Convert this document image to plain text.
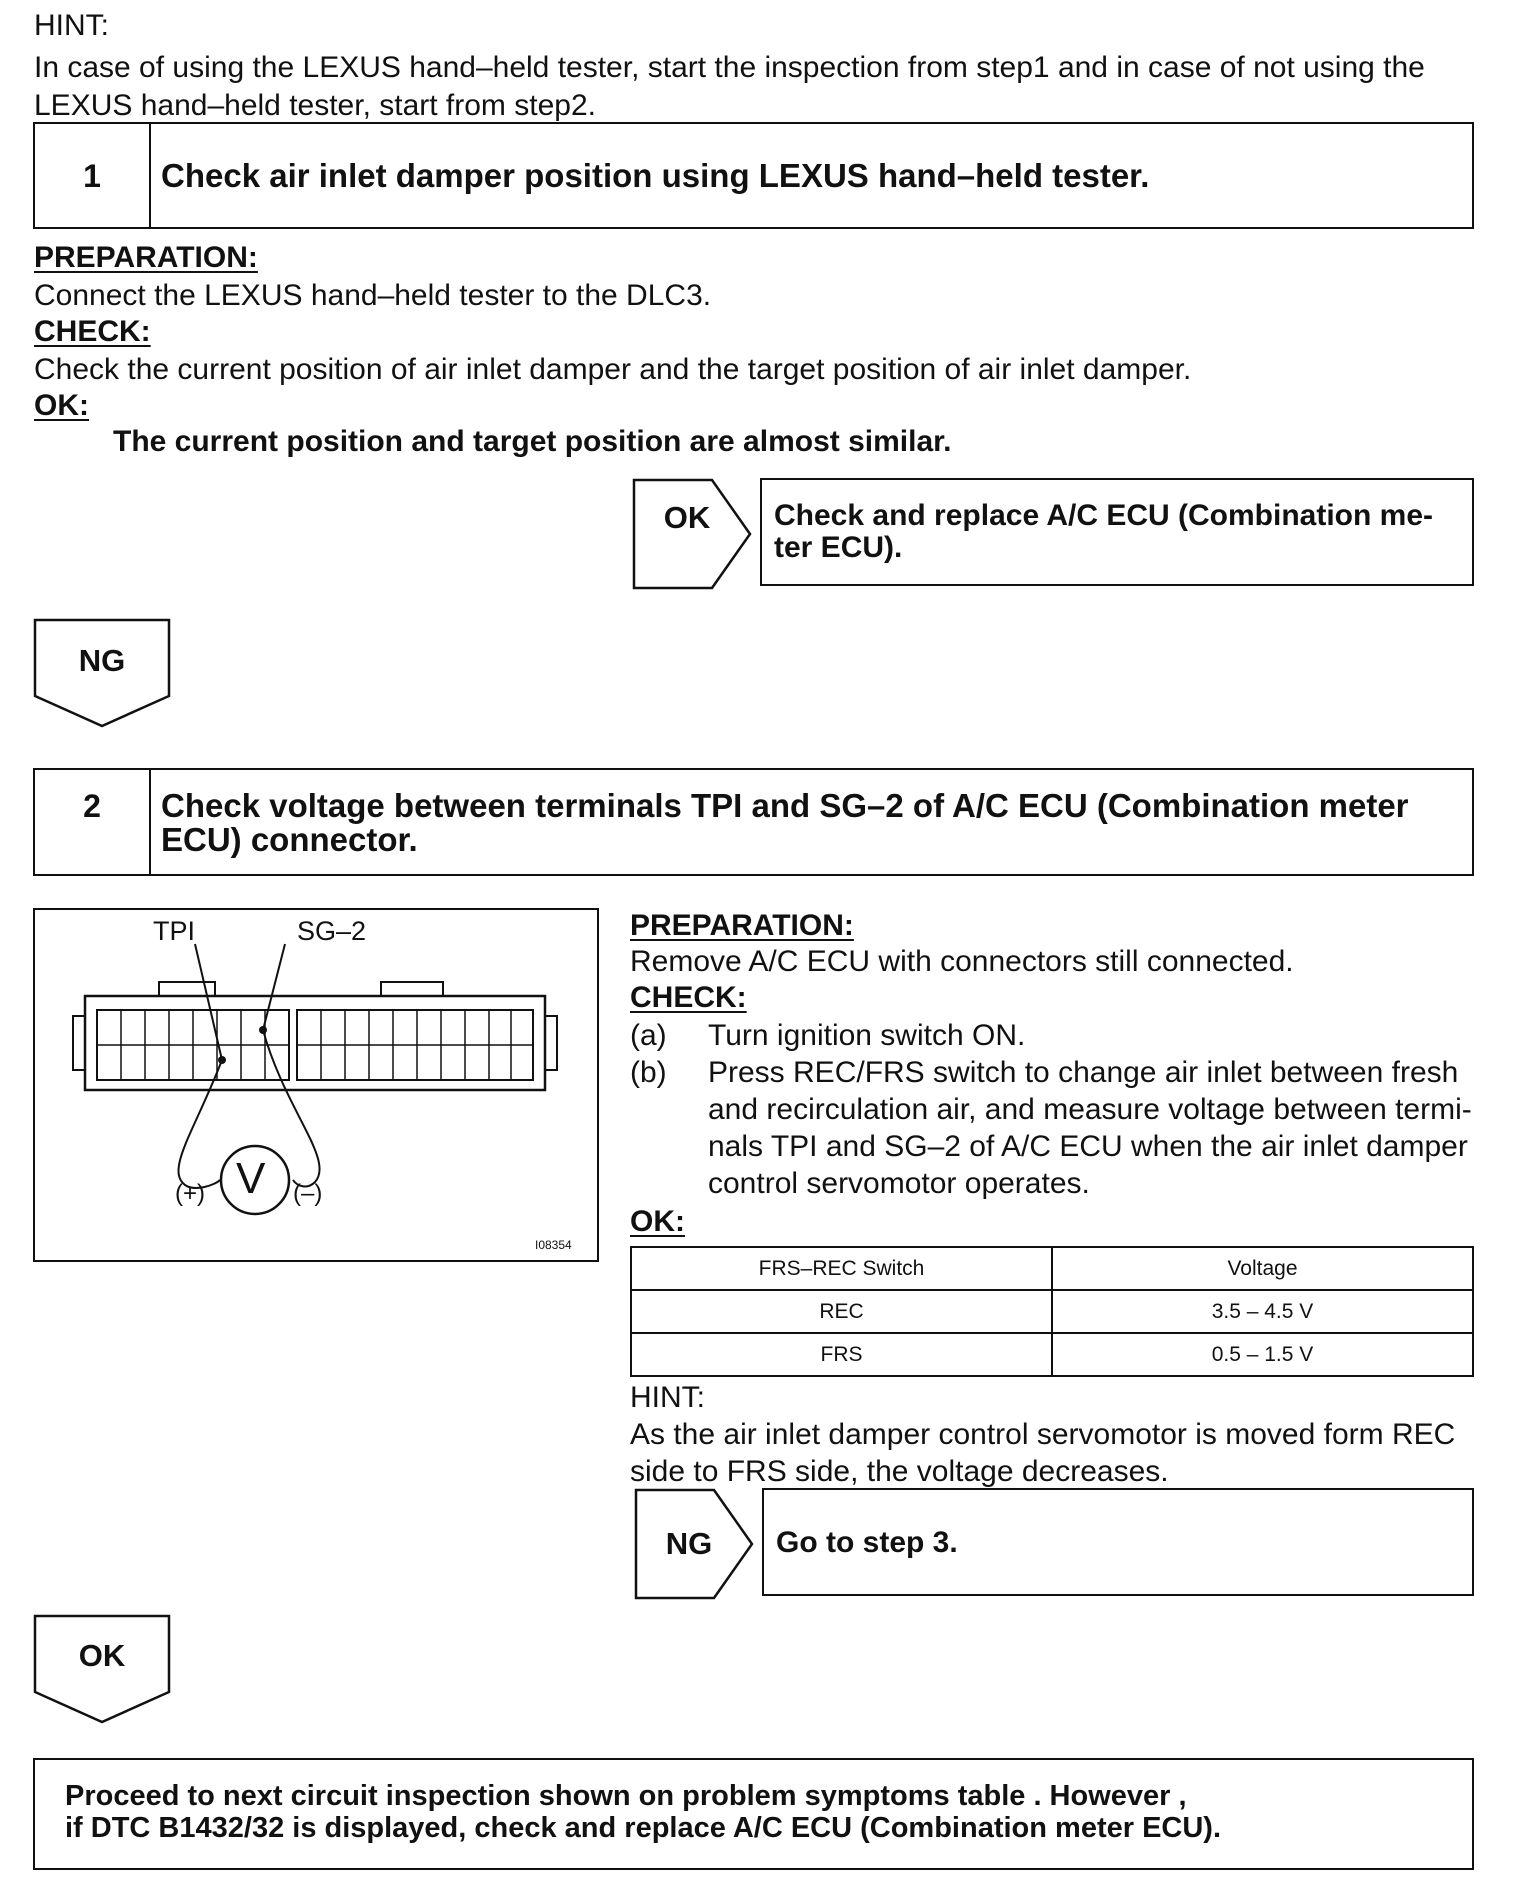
HINT:
In case of using the LEXUS hand–held tester, start the inspection from step1 and in case of not using the
LEXUS hand–held tester, start from step2.
1	Check air inlet damper position using LEXUS hand–held tester.
PREPARATION:
Connect the LEXUS hand–held tester to the DLC3.
CHECK:
Check the current position of air inlet damper and the target position of air inlet damper.
OK:
The current position and target position are almost similar.
OK	Check and replace A/C ECU (Combination me-
ter ECU).
NG
2	Check voltage between terminals TPI and SG–2 of A/C ECU (Combination meter
ECU) connector.
TPI	SG–2
V
(+)	(–)
I08354
PREPARATION:
Remove A/C ECU with connectors still connected.
CHECK:
(a) Turn ignition switch ON.
(b) Press REC/FRS switch to change air inlet between fresh
and recirculation air, and measure voltage between termi-
nals TPI and SG–2 of A/C ECU when the air inlet damper
control servomotor operates.
OK:
FRS–REC Switch	Voltage
REC	3.5 – 4.5 V
FRS	0.5 – 1.5 V
HINT:
As the air inlet damper control servomotor is moved form REC
side to FRS side, the voltage decreases.
NG	Go to step 3.
OK
Proceed to next circuit inspection shown on problem symptoms table . However ,
if DTC B1432/32 is displayed, check and replace A/C ECU (Combination meter ECU).
